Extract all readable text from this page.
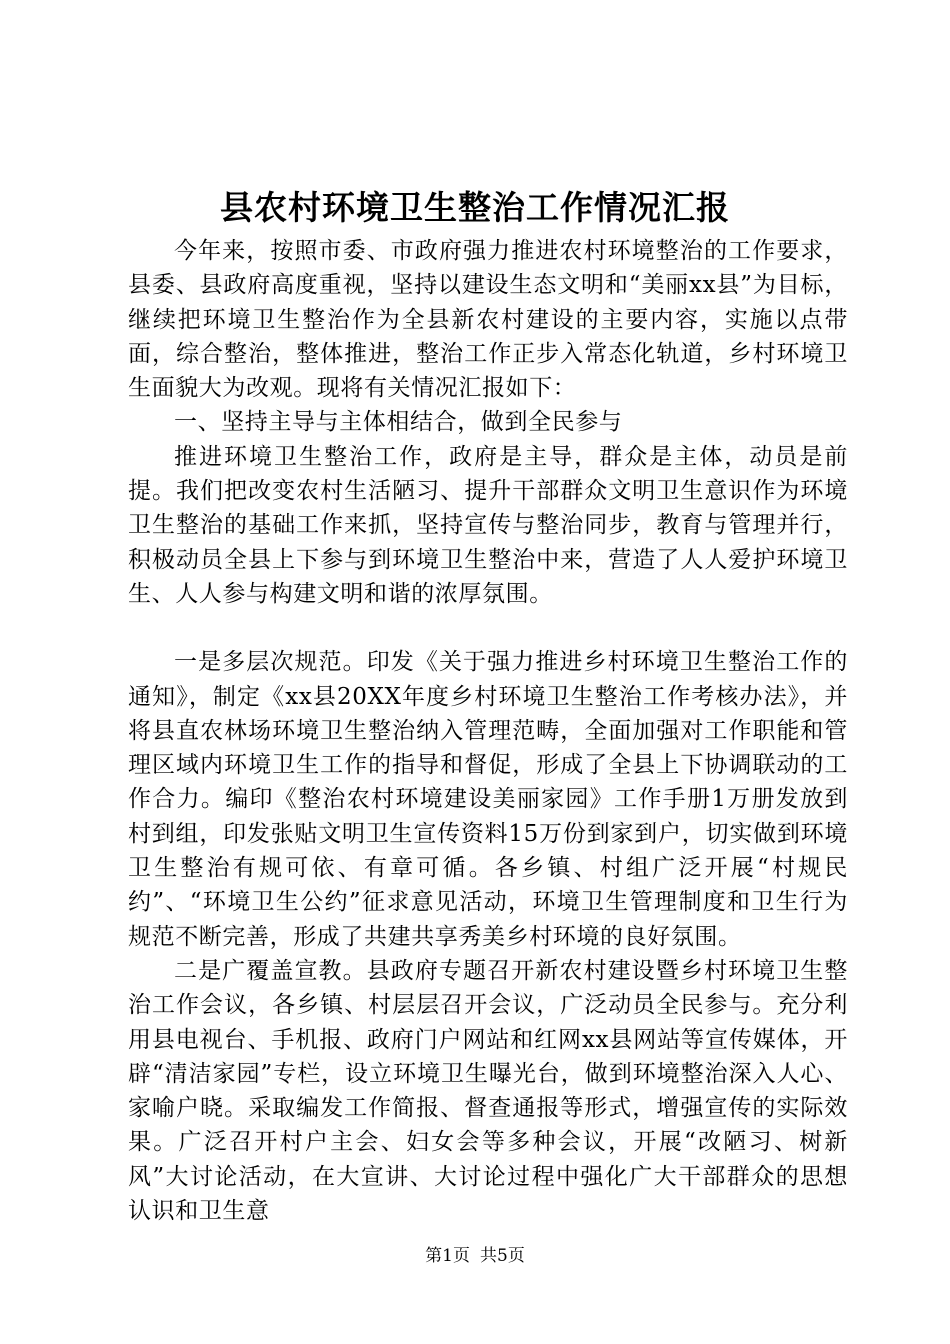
县农村环境卫生整治工作情况汇报

今年来，按照市委、市政府强力推进农村环境整治的工作要求，县委、县政府高度重视，坚持以建设生态文明和“美丽xx县”为目标，继续把环境卫生整治作为全县新农村建设的主要内容，实施以点带面，综合整治，整体推进，整治工作正步入常态化轨道，乡村环境卫生面貌大为改观。现将有关情况汇报如下：

一、坚持主导与主体相结合，做到全民参与

推进环境卫生整治工作，政府是主导，群众是主体，动员是前提。我们把改变农村生活陋习、提升干部群众文明卫生意识作为环境卫生整治的基础工作来抓，坚持宣传与整治同步，教育与管理并行，积极动员全县上下参与到环境卫生整治中来，营造了人人爱护环境卫生、人人参与构建文明和谐的浓厚氛围。

一是多层次规范。印发《关于强力推进乡村环境卫生整治工作的通知》，制定《xx县20XX年度乡村环境卫生整治工作考核办法》，并将县直农林场环境卫生整治纳入管理范畴，全面加强对工作职能和管理区域内环境卫生工作的指导和督促，形成了全县上下协调联动的工作合力。编印《整治农村环境建设美丽家园》工作手册1万册发放到村到组，印发张贴文明卫生宣传资料15万份到家到户，切实做到环境卫生整治有规可依、有章可循。各乡镇、村组广泛开展“村规民约”、“环境卫生公约”征求意见活动，环境卫生管理制度和卫生行为规范不断完善，形成了共建共享秀美乡村环境的良好氛围。

二是广覆盖宣教。县政府专题召开新农村建设暨乡村环境卫生整治工作会议，各乡镇、村层层召开会议，广泛动员全民参与。充分利用县电视台、手机报、政府门户网站和红网xx县网站等宣传媒体，开辟“清洁家园”专栏，设立环境卫生曝光台，做到环境整治深入人心、家喻户晓。采取编发工作简报、督查通报等形式，增强宣传的实际效果。广泛召开村户主会、妇女会等多种会议，开展“改陋习、树新风”大讨论活动，在大宣讲、大讨论过程中强化广大干部群众的思想认识和卫生意

第1页 共5页
